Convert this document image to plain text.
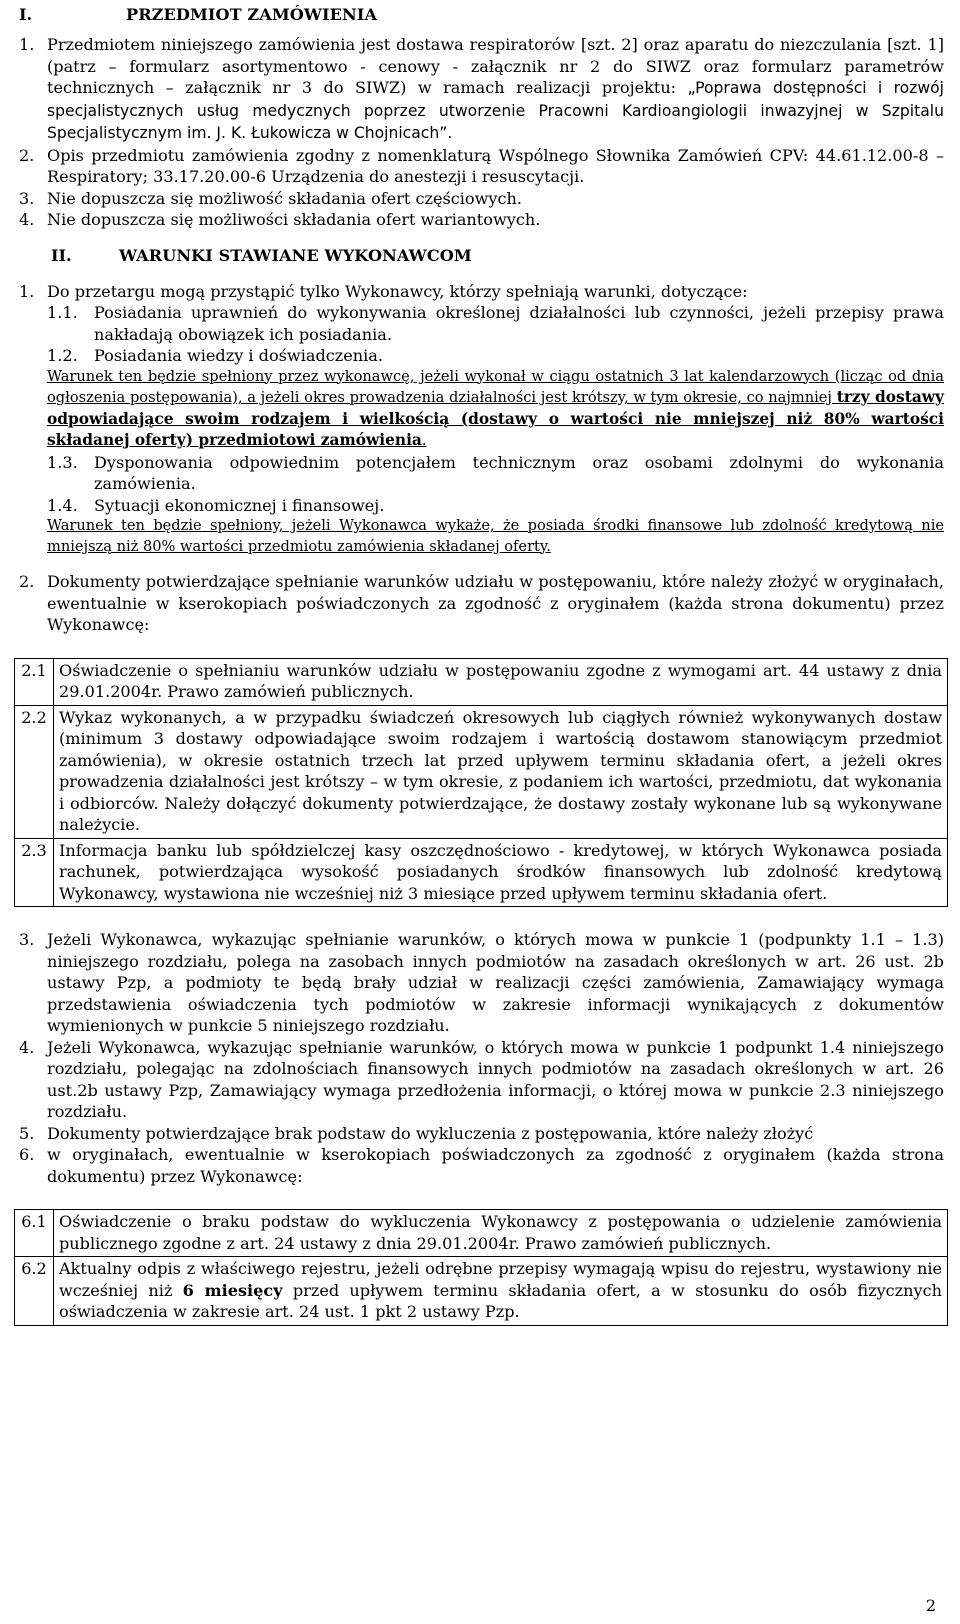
I.	PRZEDMIOT ZAMÓWIENIA
1. Przedmiotem niniejszego zamówienia jest dostawa respiratorów [szt. 2] oraz aparatu do niezczulania [szt. 1] (patrz – formularz asortymentowo - cenowy - załącznik nr 2 do SIWZ oraz formularz parametrów technicznych – załącznik nr 3 do SIWZ) w ramach realizacji projektu: „Poprawa dostępności i rozwój specjalistycznych usług medycznych poprzez utworzenie Pracowni Kardioangiologii inwazyjnej w Szpitalu Specjalistycznym im. J. K. Łukowicza w Chojnicach”.
2. Opis przedmiotu zamówienia zgodny z nomenklaturą Wspólnego Słownika Zamówień CPV: 44.61.12.00-8 – Respiratory; 33.17.20.00-6 Urządzenia do anestezji i resuscytacji.
3. Nie dopuszcza się możliwość składania ofert częściowych.
4. Nie dopuszcza się możliwości składania ofert wariantowych.
II.	WARUNKI STAWIANE WYKONAWCOM
1. Do przetargu mogą przystąpić tylko Wykonawcy, którzy spełniają warunki, dotyczące:
1.1.	Posiadania uprawnień do wykonywania określonej działalności lub czynności, jeżeli przepisy prawa nakładają obowiązek ich posiadania.
1.2.	Posiadania wiedzy i doświadczenia.
Warunek ten będzie spełniony przez wykonawcę, jeżeli wykonał w ciągu ostatnich 3 lat kalendarzowych (licząc od dnia ogłoszenia postępowania), a jeżeli okres prowadzenia działalności jest krótszy, w tym okresie, co najmniej trzy dostawy odpowiadające swoim rodzajem i wielkością (dostawy o wartości nie mniejszej niż 80% wartości składanej oferty) przedmiotowi zamówienia.
1.3.	Dysponowania odpowiednim potencjałem technicznym oraz osobami zdolnymi do wykonania zamówienia.
1.4.	Sytuacji ekonomicznej i finansowej.
Warunek ten będzie spełniony, jeżeli Wykonawca wykaże, że posiada środki finansowe lub zdolność kredytową nie mniejszą niż 80% wartości przedmiotu zamówienia składanej oferty.
2. Dokumenty potwierdzające spełnianie warunków udziału w postępowaniu, które należy złożyć w oryginałach, ewentualnie w kserokopiach poświadczonych za zgodność z oryginałem (każda strona dokumentu) przez Wykonawcę:
2.1	Oświadczenie o spełnianiu warunków udziału w postępowaniu zgodne z wymogami art. 44 ustawy z dnia 29.01.2004r. Prawo zamówień publicznych.
2.2	Wykaz wykonanych, a w przypadku świadczeń okresowych lub ciągłych również wykonywanych dostaw (minimum 3 dostawy odpowiadające swoim rodzajem i wartością dostawom stanowiącym przedmiot zamówienia), w okresie ostatnich trzech lat przed upływem terminu składania ofert, a jeżeli okres prowadzenia działalności jest krótszy – w tym okresie, z podaniem ich wartości, przedmiotu, dat wykonania i odbiorców. Należy dołączyć dokumenty potwierdzające, że dostawy zostały wykonane lub są wykonywane należycie.
2.3	Informacja banku lub spółdzielczej kasy oszczędnościowo - kredytowej, w których Wykonawca posiada rachunek, potwierdzająca wysokość posiadanych środków finansowych lub zdolność kredytową Wykonawcy, wystawiona nie wcześniej niż 3 miesiące przed upływem terminu składania ofert.
3. Jeżeli Wykonawca, wykazując spełnianie warunków, o których mowa w punkcie 1 (podpunkty 1.1 – 1.3) niniejszego rozdziału, polega na zasobach innych podmiotów na zasadach określonych w art. 26 ust. 2b ustawy Pzp, a podmioty te będą brały udział w realizacji części zamówienia, Zamawiający wymaga przedstawienia oświadczenia tych podmiotów w zakresie informacji wynikających z dokumentów wymienionych w punkcie 5 niniejszego rozdziału.
4. Jeżeli Wykonawca, wykazując spełnianie warunków, o których mowa w punkcie 1 podpunkt 1.4 niniejszego rozdziału, polegając na zdolnościach finansowych innych podmiotów na zasadach określonych w art. 26 ust.2b ustawy Pzp, Zamawiający wymaga przedłożenia informacji, o której mowa w punkcie 2.3 niniejszego rozdziału.
5. Dokumenty potwierdzające brak podstaw do wykluczenia z postępowania, które należy złożyć
6. w oryginałach, ewentualnie w kserokopiach poświadczonych za zgodność z oryginałem (każda strona dokumentu) przez Wykonawcę:
6.1	Oświadczenie o braku podstaw do wykluczenia Wykonawcy z postępowania o udzielenie zamówienia publicznego zgodne z art. 24 ustawy z dnia 29.01.2004r. Prawo zamówień publicznych.
6.2	Aktualny odpis z właściwego rejestru, jeżeli odrębne przepisy wymagają wpisu do rejestru, wystawiony nie wcześniej niż 6 miesięcy przed upływem terminu składania ofert, a w stosunku do osób fizycznych oświadczenia w zakresie art. 24 ust. 1 pkt 2 ustawy Pzp.
2
